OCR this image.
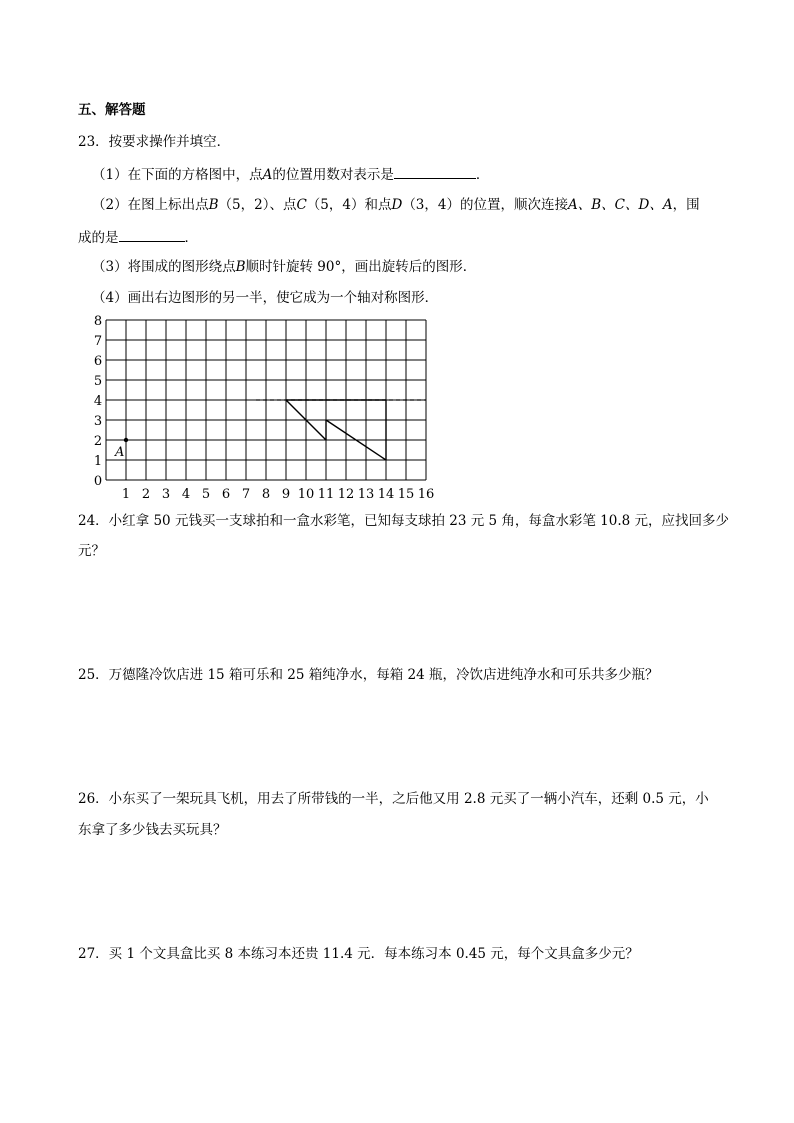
五、解答题
23．按要求操作并填空．
（1）在下面的方格图中，点A的位置用数对表示是	．
（2）在图上标出点B（5，2）、点C（5，4）和点D（3，4）的位置，顺次连接A、B、C、D、A，围
成的是	．
（3）将围成的图形绕点B顺时针旋转 90°，画出旋转后的图形．
（4）画出右边图形的另一半，使它成为一个轴对称图形．
A
0
1
2
3
4
5
6
7
8
1 2 3 4 5 6 7 8 9 10 11 12 13 14 15 16
24．小红拿 50 元钱买一支球拍和一盒水彩笔，已知每支球拍 23 元 5 角，每盒水彩笔 10.8 元，应找回多少
元？
25．万德隆冷饮店进 15 箱可乐和 25 箱纯净水，每箱 24 瓶，冷饮店进纯净水和可乐共多少瓶？
26．小东买了一架玩具飞机，用去了所带钱的一半，之后他又用 2.8 元买了一辆小汽车，还剩 0.5 元，小
东拿了多少钱去买玩具？
27．买 1 个文具盒比买 8 本练习本还贵 11.4 元．每本练习本 0.45 元，每个文具盒多少元？
